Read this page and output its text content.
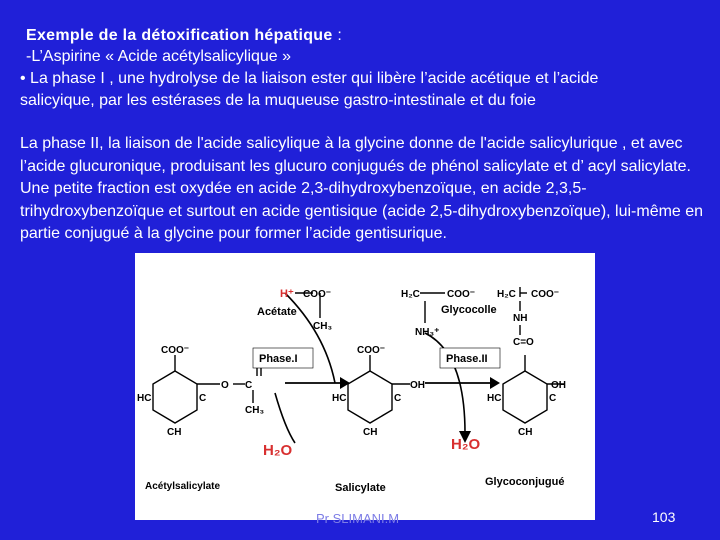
Exemple de la détoxification hépatique :
-L’Aspirine « Acide acétylsalicylique »
• La phase I , une hydrolyse de la liaison ester qui libère l’acide acétique et l’acide
salicyique, par les estérases de la muqueuse gastro-intestinale et du foie
La phase II, la liaison de l'acide salicylique à la glycine donne de l'acide salicylurique , et avec l’acide glucuronique, produisant les glucuro conjugués de phénol salicylate et d’ acyl salicylate. Une petite fraction est oxydée en acide 2,3-dihydroxybenzoïque, en acide 2,3,5-trihydroxybenzoïque et surtout en acide gentisique (acide 2,5-dihydroxybenzoïque), lui-même en partie conjugué à la glycine pour former l’acide gentisurique.
H⁺
Acétate
COO⁻
CH₃
COO⁻
O C
CH₃
HC	C
CH
COO⁻
OH
HC	C
CH
H₂C	COO⁻
Glycocolle
NH₃⁺
H₂C COO⁻
NH
C=O
OH
HC	C
CH
Phase.I	Phase.II
H₂O	H₂O
Acétylsalicylate	Salicylate	Glycoconjugué
Pr SLIMANI.M	103
